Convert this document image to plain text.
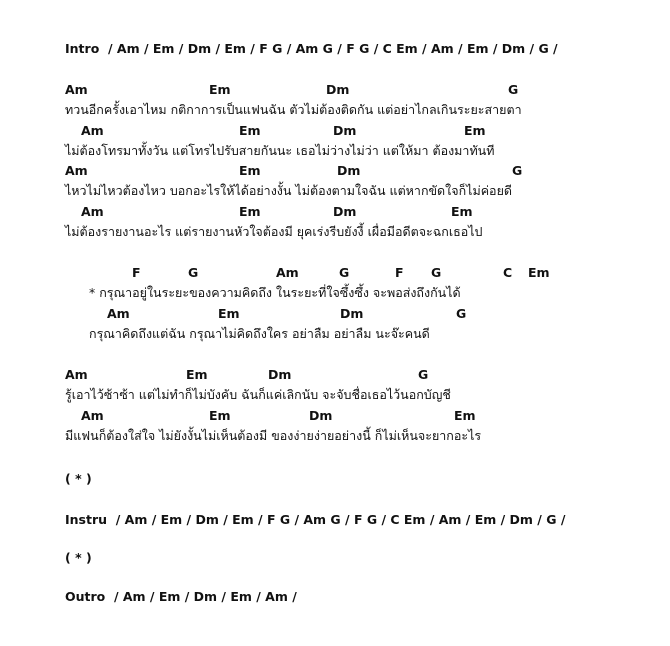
Intro  / Am / Em / Dm / Em / F G / Am G / F G / C Em / Am / Em / Dm / G /
Am	Em	Dm	G
ทวนอีกครั้งเอาไหม กติกาการเป็นแฟนฉัน ตัวไม่ต้องติดกัน แต่อย่าไกลเกินระยะสายตา
Am	Em	Dm	Em
ไม่ต้องโทรมาทั้งวัน แต่โทรไปรับสายกันนะ เธอไม่ว่างไม่ว่า แต่ให้มา ต้องมาทันที
Am	Em	Dm	G
ไหวไม่ไหวต้องไหว บอกอะไรให้ได้อย่างงั้น ไม่ต้องตามใจฉัน แต่หากขัดใจก็ไม่ค่อยดี
Am	Em	Dm	Em
ไม่ต้องรายงานอะไร แต่รายงานหัวใจต้องมี ยุคเร่งรีบยังงี้ เผื่อมีอดีตจะฉกเธอไป
F	G	Am	G	F G	C Em
* กรุณาอยู่ในระยะของความคิดถึง ในระยะที่ใจซึ้งซึ้ง จะพอส่งถึงกันได้
Am	Em	Dm	G
กรุณาคิดถึงแต่ฉัน กรุณาไม่คิดถึงใคร อย่าลืม อย่าลืม นะจ๊ะคนดี
Am	Em	Dm	G
รู้เอาไว้ซ้าซ้า แต่ไม่ทำก็ไม่บังคับ ฉันก็แค่เลิกนับ จะจับชื่อเธอไว้นอกบัญชี
Am	Em	Dm	Em
มีแฟนก็ต้องใส่ใจ ไม่ยังงั้นไม่เห็นต้องมี ของง่ายง่ายอย่างนี้ ก็ไม่เห็นจะยากอะไร
( * )
Instru  / Am / Em / Dm / Em / F G / Am G / F G / C Em / Am / Em / Dm / G /
( * )
Outro  / Am / Em / Dm / Em / Am /
